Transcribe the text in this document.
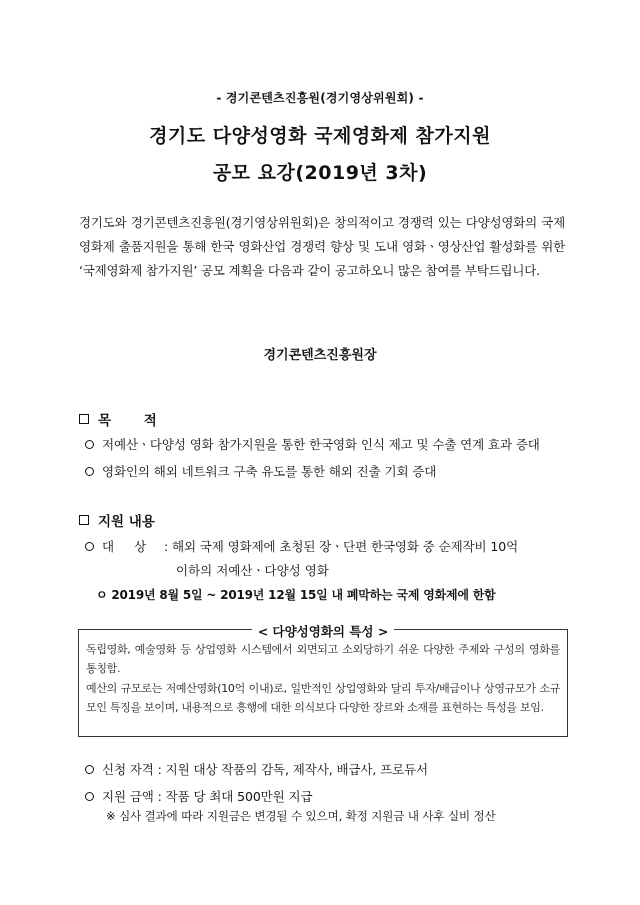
- 경기콘텐츠진흥원(경기영상위원회) -
경기도 다양성영화 국제영화제 참가지원
공모 요강(2019년 3차)
경기도와 경기콘텐츠진흥원(경기영상위원회)은 창의적이고 경쟁력 있는 다양성영화의 국제영화제 출품지원을 통해 한국 영화산업 경쟁력 향상 및 도내 영화ㆍ영상산업 활성화를 위한 ‘국제영화제 참가지원’ 공모 계획을 다음과 같이 공고하오니 많은 참여를 부탁드립니다.
경기콘텐츠진흥원장
목 적
저예산ㆍ다양성 영화 참가지원을 통한 한국영화 인식 제고 및 수출 연계 효과 증대
영화인의 해외 네트워크 구축 유도를 통한 해외 진출 기회 증대
지원 내용
대상
: 해외 국제 영화제에 초청된 장ㆍ단편 한국영화 중 순제작비 10억
이하의 저예산ㆍ다양성 영화
ㅇ 2019년 8월 5일 ~ 2019년 12월 15일 내 폐막하는 국제 영화제에 한함
< 다양성영화의 특성 >
독립영화, 예술영화 등 상업영화 시스템에서 외면되고 소외당하기 쉬운 다양한 주제와 구성의 영화를 통칭함.
예산의 규모로는 저예산영화(10억 이내)로, 일반적인 상업영화와 달리 투자/배급이나 상영규모가 소규모인 특징을 보이며, 내용적으로 흥행에 대한 의식보다 다양한 장르와 소재를 표현하는 특성을 보임.
신청 자격 : 지원 대상 작품의 감독, 제작사, 배급사, 프로듀서
지원 금액 : 작품 당 최대 500만원 지급
※ 심사 결과에 따라 지원금은 변경될 수 있으며, 확정 지원금 내 사후 실비 정산
